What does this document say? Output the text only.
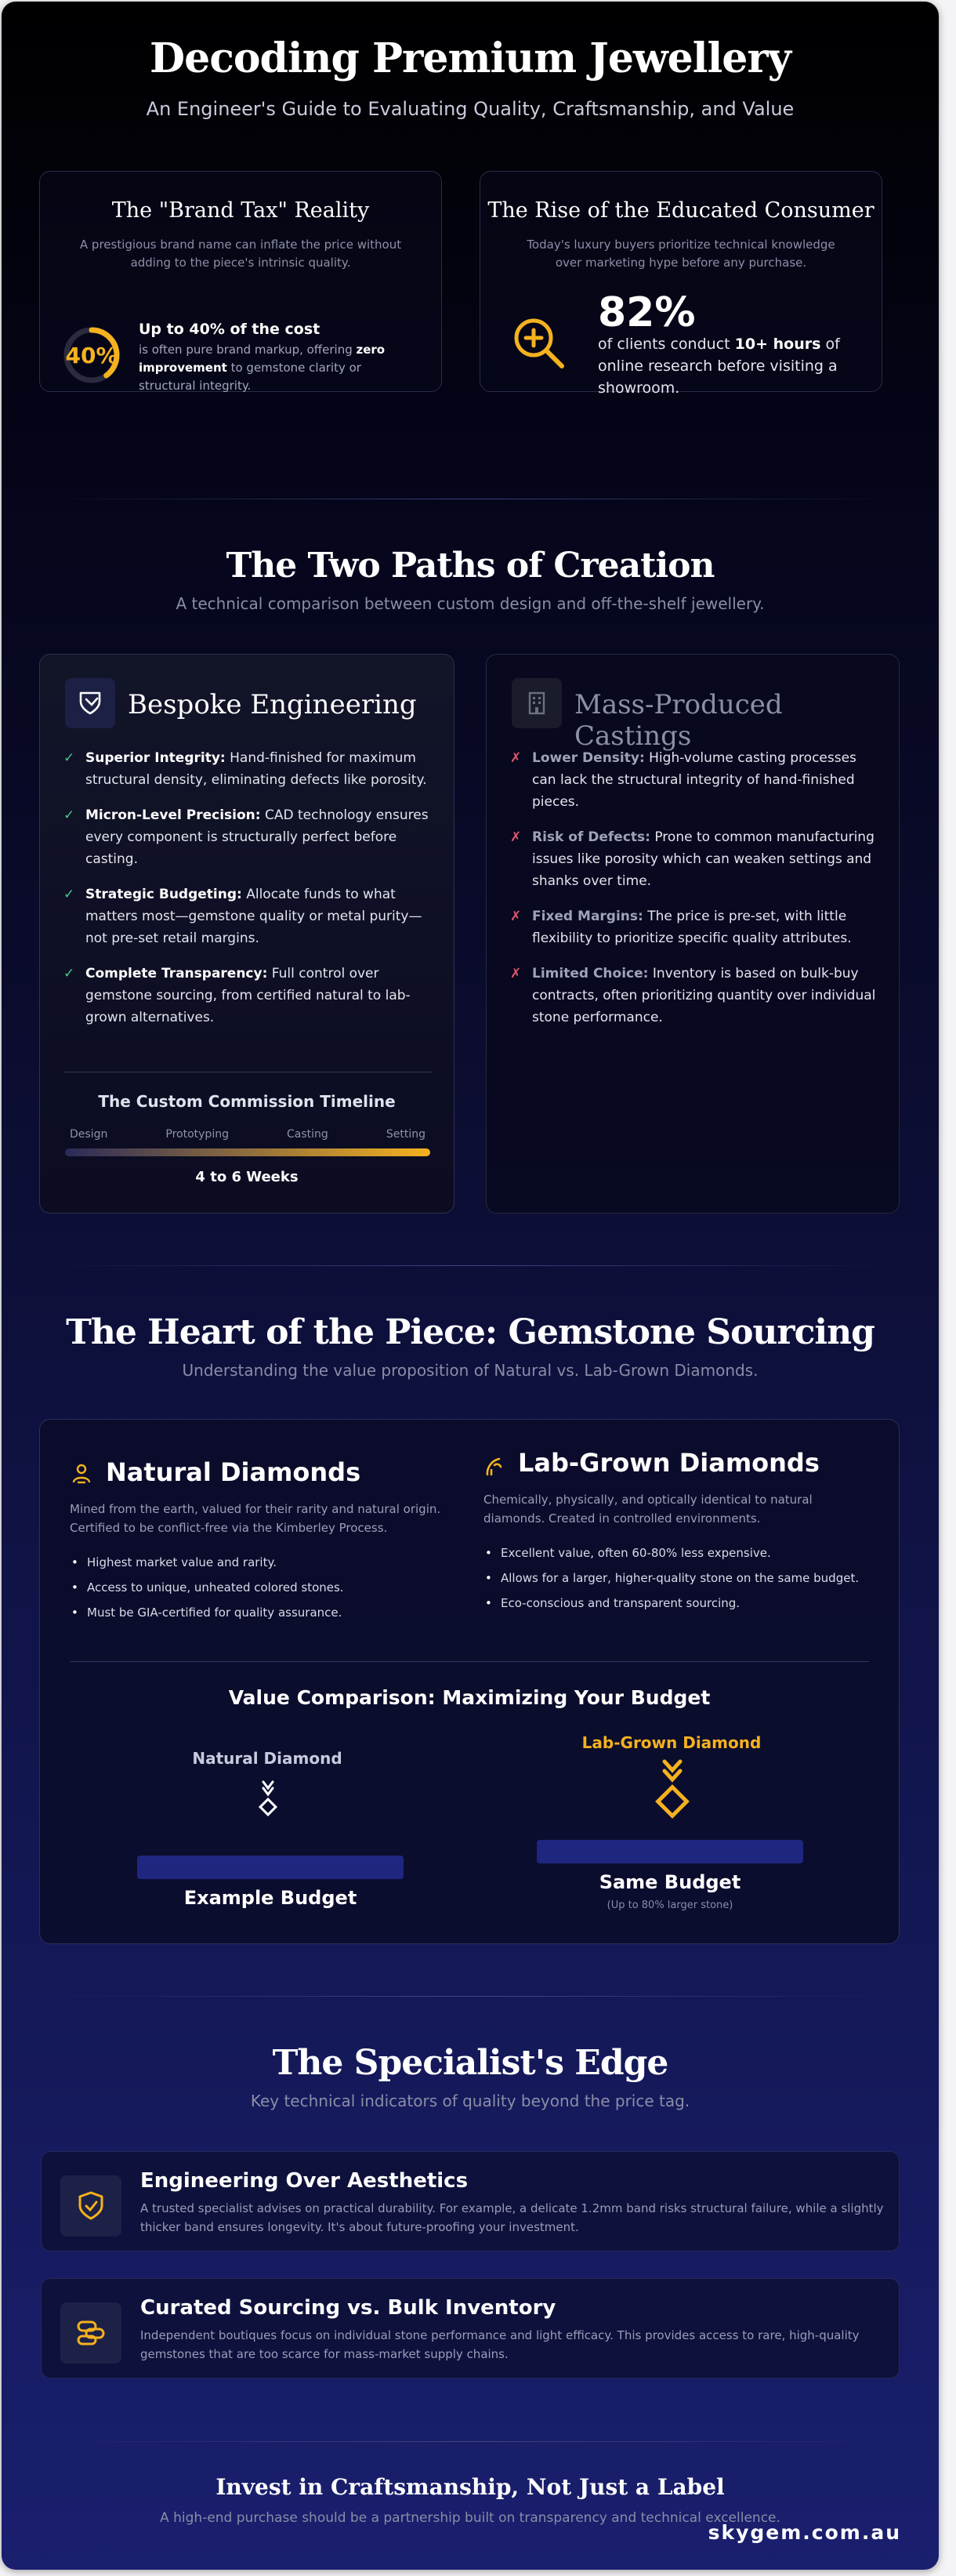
Decoding Premium Jewellery
An Engineer's Guide to Evaluating Quality, Craftsmanship, and Value
The "Brand Tax" Reality
A prestigious brand name can inflate the price without adding to the piece's intrinsic quality.
40%
Up to 40% of the cost
is often pure brand markup, offering zero improvement to gemstone clarity or structural integrity.
The Rise of the Educated Consumer
Today's luxury buyers prioritize technical knowledge over marketing hype before any purchase.
82%
of clients conduct 10+ hours of online research before visiting a showroom.
The Two Paths of Creation
A technical comparison between custom design and off-the-shelf jewellery.
Bespoke Engineering
✓ Superior Integrity: Hand-finished for maximum structural density, eliminating defects like porosity.
✓ Micron-Level Precision: CAD technology ensures every component is structurally perfect before casting.
✓ Strategic Budgeting: Allocate funds to what matters most—gemstone quality or metal purity—not pre-set retail margins.
✓ Complete Transparency: Full control over gemstone sourcing, from certified natural to lab-grown alternatives.
The Custom Commission Timeline
Design	Prototyping	Casting	Setting
4 to 6 Weeks
Mass-Produced Castings
✗ Lower Density: High-volume casting processes can lack the structural integrity of hand-finished pieces.
✗ Risk of Defects: Prone to common manufacturing issues like porosity which can weaken settings and shanks over time.
✗ Fixed Margins: The price is pre-set, with little flexibility to prioritize specific quality attributes.
✗ Limited Choice: Inventory is based on bulk-buy contracts, often prioritizing quantity over individual stone performance.
The Heart of the Piece: Gemstone Sourcing
Understanding the value proposition of Natural vs. Lab-Grown Diamonds.
Natural Diamonds
Mined from the earth, valued for their rarity and natural origin. Certified to be conflict-free via the Kimberley Process.
• Highest market value and rarity.
• Access to unique, unheated colored stones.
• Must be GIA-certified for quality assurance.
Lab-Grown Diamonds
Chemically, physically, and optically identical to natural diamonds. Created in controlled environments.
• Excellent value, often 60-80% less expensive.
• Allows for a larger, higher-quality stone on the same budget.
• Eco-conscious and transparent sourcing.
Value Comparison: Maximizing Your Budget
Natural Diamond
Example Budget
Lab-Grown Diamond
Same Budget
(Up to 80% larger stone)
The Specialist's Edge
Key technical indicators of quality beyond the price tag.
Engineering Over Aesthetics
A trusted specialist advises on practical durability. For example, a delicate 1.2mm band risks structural failure, while a slightly thicker band ensures longevity. It's about future-proofing your investment.
Curated Sourcing vs. Bulk Inventory
Independent boutiques focus on individual stone performance and light efficacy. This provides access to rare, high-quality gemstones that are too scarce for mass-market supply chains.
Invest in Craftsmanship, Not Just a Label
A high-end purchase should be a partnership built on transparency and technical excellence.
skygem.com.au
